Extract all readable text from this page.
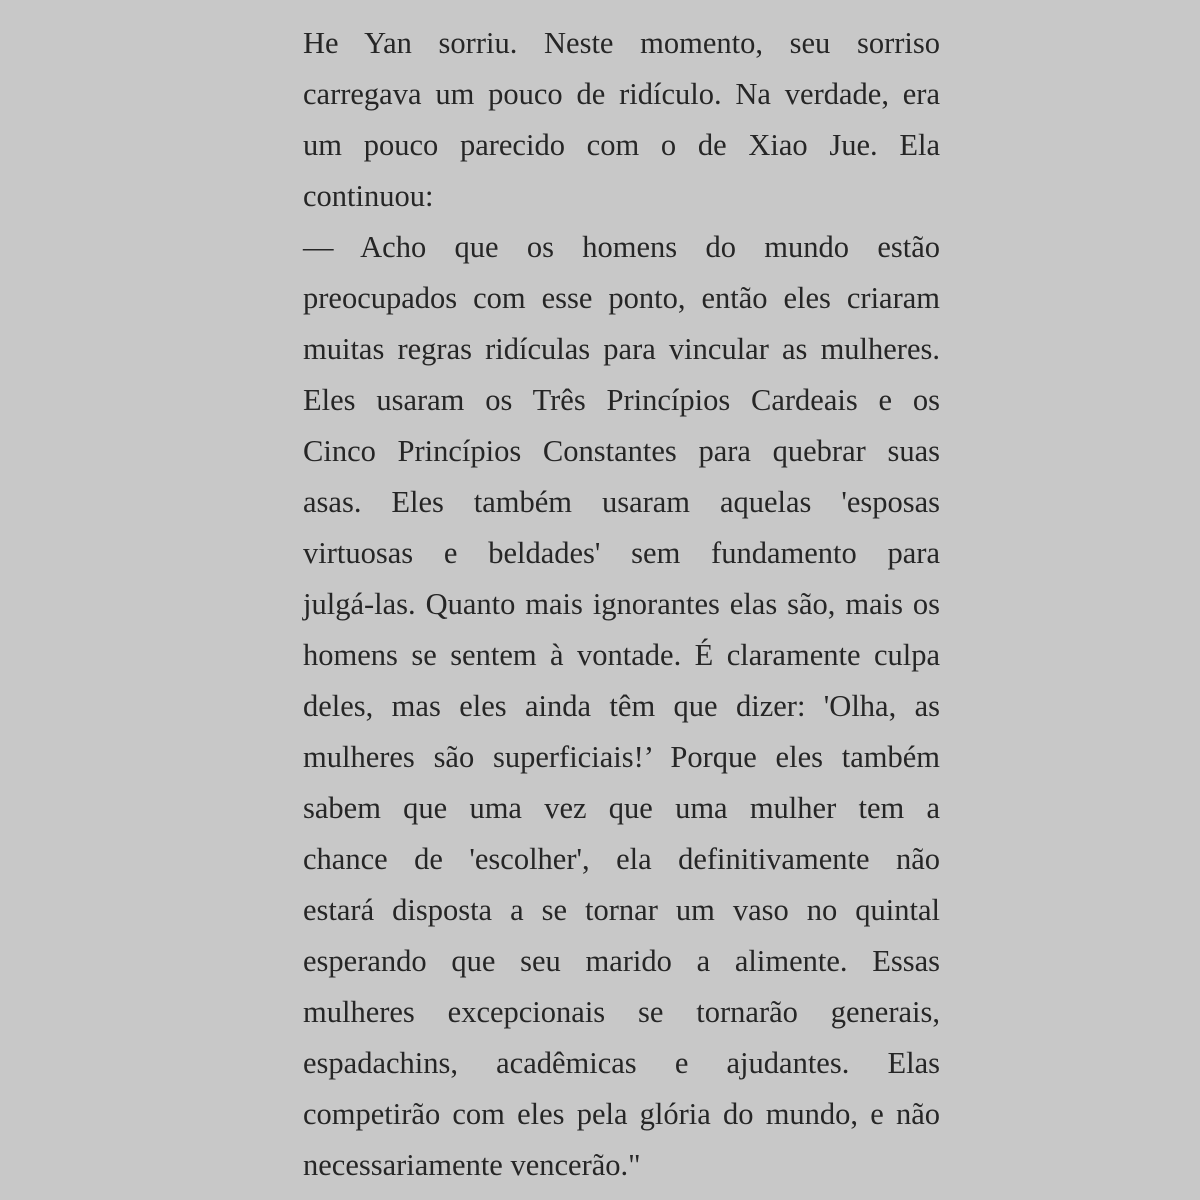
He Yan sorriu. Neste momento, seu sorriso
carregava um pouco de ridículo. Na verdade, era
um pouco parecido com o de Xiao Jue. Ela
continuou:
— Acho que os homens do mundo estão
preocupados com esse ponto, então eles criaram
muitas regras ridículas para vincular as mulheres.
Eles usaram os Três Princípios Cardeais e os
Cinco Princípios Constantes para quebrar suas
asas. Eles também usaram aquelas 'esposas
virtuosas e beldades' sem fundamento para
julgá-las. Quanto mais ignorantes elas são, mais os
homens se sentem à vontade. É claramente culpa
deles, mas eles ainda têm que dizer: 'Olha, as
mulheres são superficiais!’ Porque eles também
sabem que uma vez que uma mulher tem a
chance de 'escolher', ela definitivamente não
estará disposta a se tornar um vaso no quintal
esperando que seu marido a alimente. Essas
mulheres excepcionais se tornarão generais,
espadachins, acadêmicas e ajudantes. Elas
competirão com eles pela glória do mundo, e não
necessariamente vencerão."
